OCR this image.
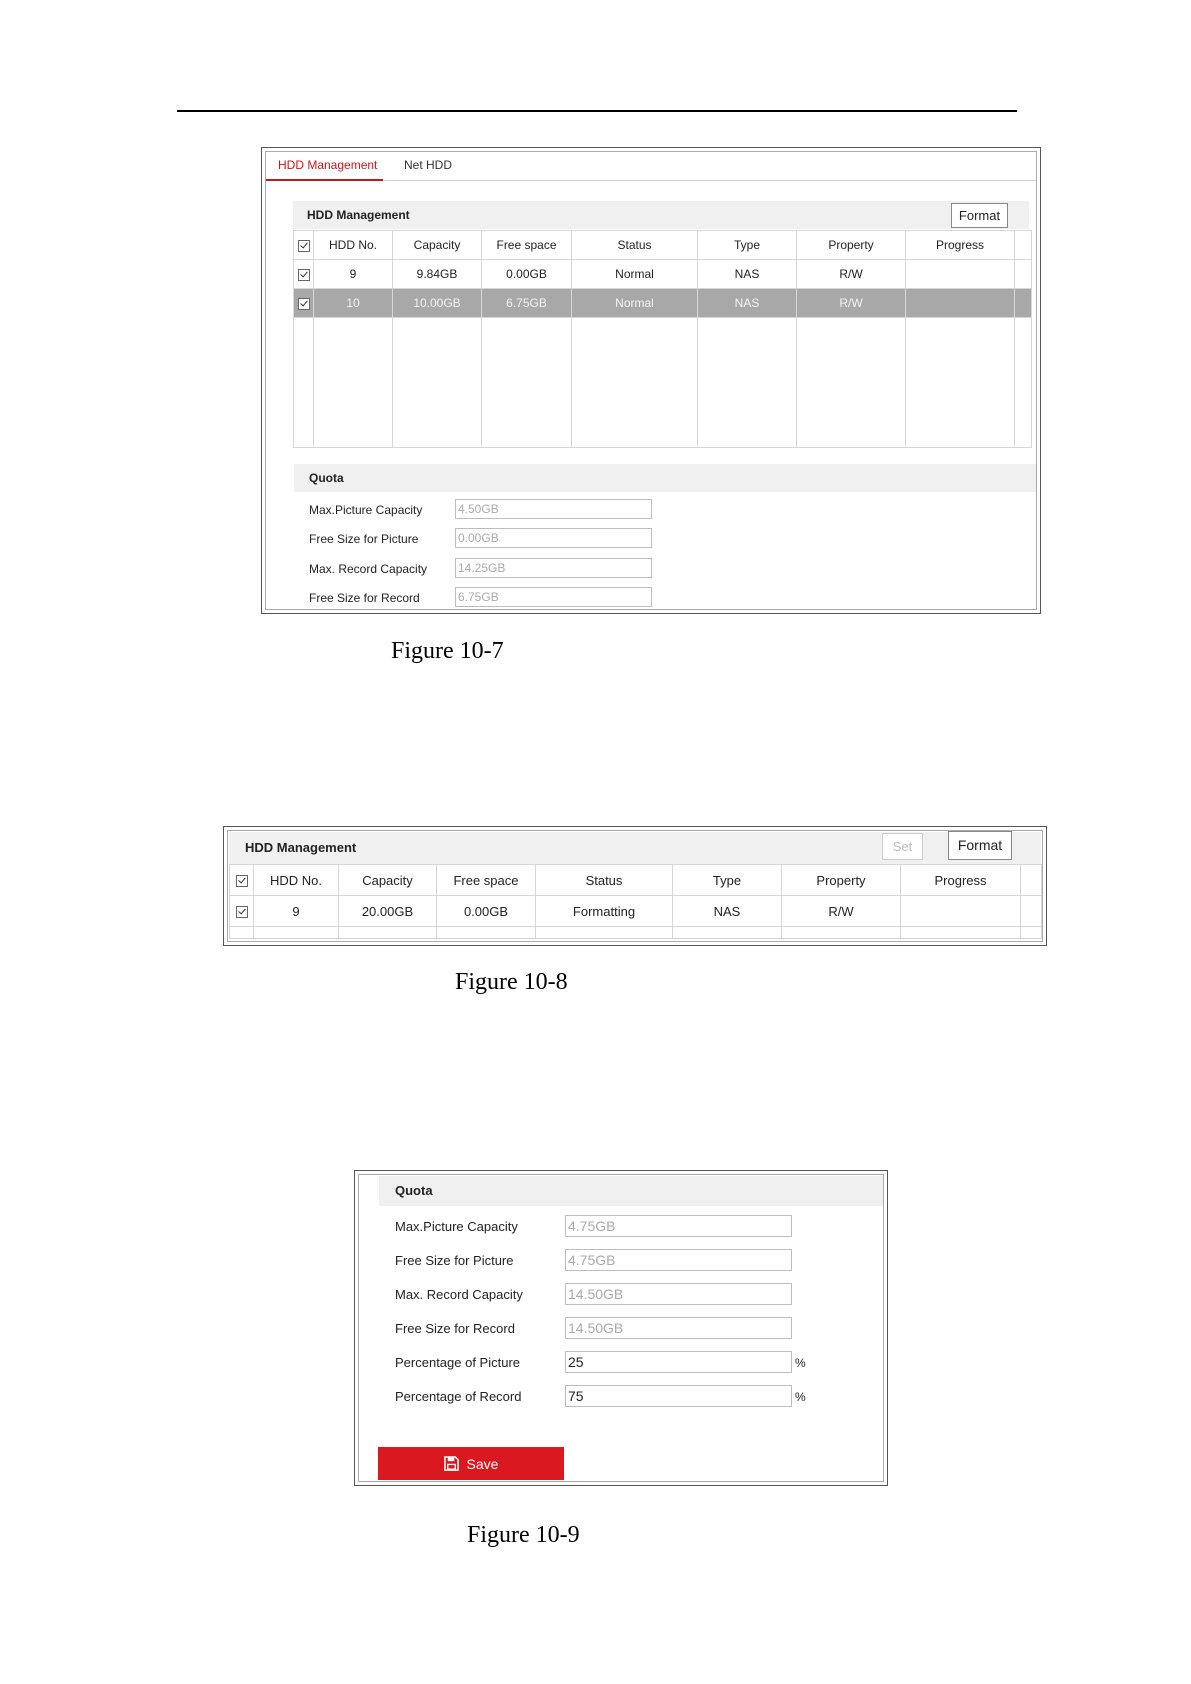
HDD Management	Net HDD
HDD Management	Format
	HDD No.	Capacity	Free space	Status	Type	Property	Progress	
	9	9.84GB	0.00GB	Normal	NAS	R/W		
	10	10.00GB	6.75GB	Normal	NAS	R/W		

Quota
Max.Picture Capacity	4.50GB
Free Size for Picture	0.00GB
Max. Record Capacity	14.25GB
Free Size for Record	6.75GB
Figure 10-7
HDD Management	Set	Format
	HDD No.	Capacity	Free space	Status	Type	Property	Progress	
	9	20.00GB	0.00GB	Formatting	NAS	R/W		

Figure 10-8
Quota
Max.Picture Capacity	4.75GB
Free Size for Picture	4.75GB
Max. Record Capacity	14.50GB
Free Size for Record	14.50GB
Percentage of Picture	25	%
Percentage of Record	75	%
Save
Figure 10-9
